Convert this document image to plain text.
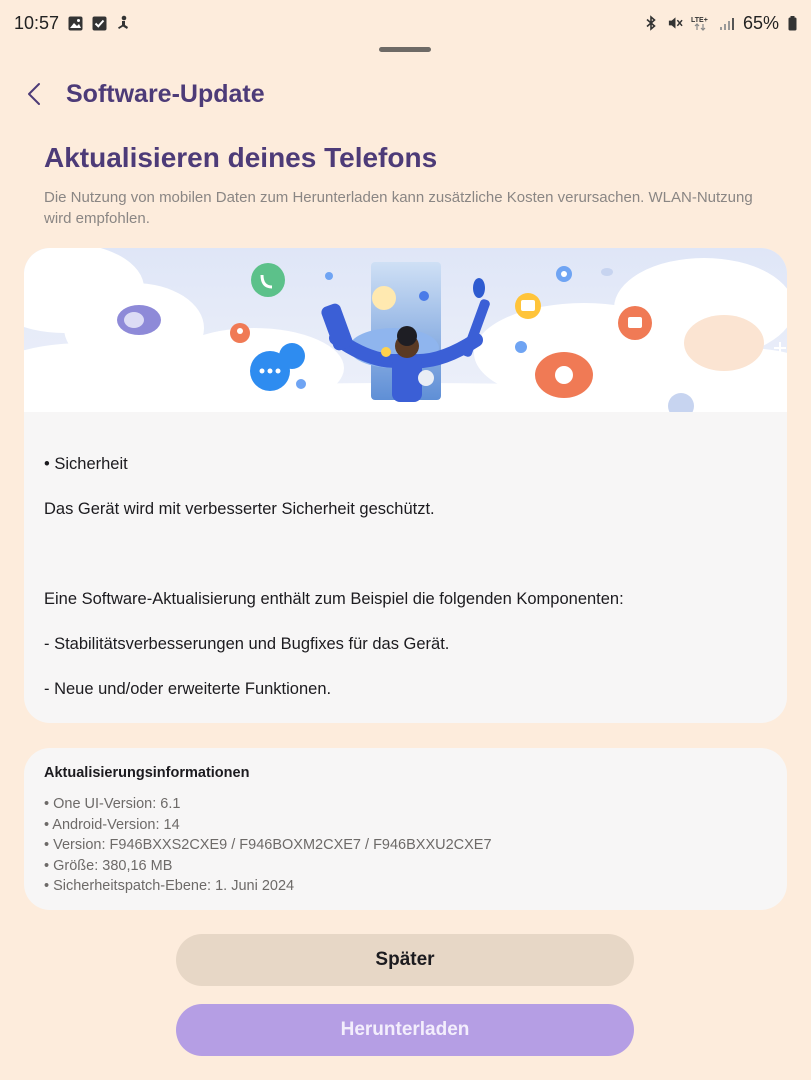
10:57	LTE+ 65%
Software-Update
Aktualisieren deines Telefons

Die Nutzung von mobilen Daten zum Herunterladen kann zusätzliche Kosten verursachen. WLAN-Nutzung wird empfohlen.

• Sicherheit

Das Gerät wird mit verbesserter Sicherheit geschützt.

Eine Software-Aktualisierung enthält zum Beispiel die folgenden Komponenten:

- Stabilitätsverbesserungen und Bugfixes für das Gerät.

- Neue und/oder erweiterte Funktionen.

Aktualisierungsinformationen
• One UI-Version: 6.1
• Android-Version: 14
• Version: F946BXXS2CXE9 / F946BOXM2CXE7 / F946BXXU2CXE7
• Größe: 380,16 MB
• Sicherheitspatch-Ebene: 1. Juni 2024
Später
Herunterladen
